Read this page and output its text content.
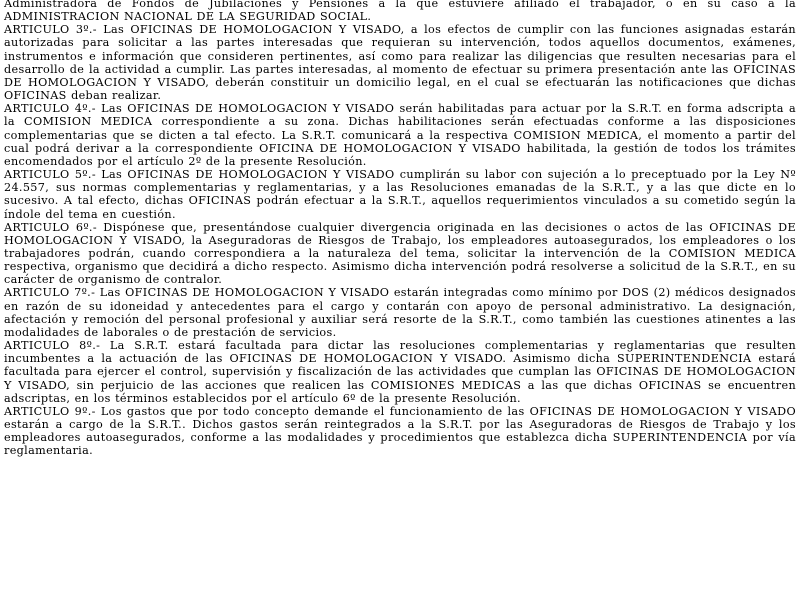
Administradora de Fondos de Jubilaciones y Pensiones a la que estuviere afiliado el trabajador, o en su caso a la ADMINISTRACION NACIONAL DE LA SEGURIDAD SOCIAL.

ARTICULO 3º.- Las OFICINAS DE HOMOLOGACION Y VISADO, a los efectos de cumplir con las funciones asignadas estarán autorizadas para solicitar a las partes interesadas que requieran su intervención, todos aquellos documentos, exámenes, instrumentos e información que consideren pertinentes, así como para realizar las diligencias que resulten necesarias para el desarrollo de la actividad a cumplir. Las partes interesadas, al momento de efectuar su primera presentación ante las OFICINAS DE HOMOLOGACION Y VISADO, deberán constituir un domicilio legal, en el cual se efectuarán las notificaciones que dichas OFICINAS deban realizar.

ARTICULO 4º.- Las OFICINAS DE HOMOLOGACION Y VISADO serán habilitadas para actuar por la S.R.T. en forma adscripta a la COMISION MEDICA correspondiente a su zona. Dichas habilitaciones serán efectuadas conforme a las disposiciones complementarias que se dicten a tal efecto. La S.R.T. comunicará a la respectiva COMISION MEDICA, el momento a partir del cual podrá derivar a la correspondiente OFICINA DE HOMOLOGACION Y VISADO habilitada, la gestión de todos los trámites encomendados por el artículo 2º de la presente Resolución.

ARTICULO 5º.- Las OFICINAS DE HOMOLOGACION Y VISADO cumplirán su labor con sujeción a lo preceptuado por la Ley Nº 24.557, sus normas complementarias y reglamentarias, y a las Resoluciones emanadas de la S.R.T., y a las que dicte en lo sucesivo. A tal efecto, dichas OFICINAS podrán efectuar a la S.R.T., aquellos requerimientos vinculados a su cometido según la índole del tema en cuestión.

ARTICULO 6º.- Dispónese que, presentándose cualquier divergencia originada en las decisiones o actos de las OFICINAS DE HOMOLOGACION Y VISADO, la Aseguradoras de Riesgos de Trabajo, los empleadores autoasegurados, los empleadores o los trabajadores podrán, cuando correspondiera a la naturaleza del tema, solicitar la intervención de la COMISION MEDICA respectiva, organismo que decidirá a dicho respecto. Asimismo dicha intervención podrá resolverse a solicitud de la S.R.T., en su carácter de organismo de contralor.

ARTICULO 7º.- Las OFICINAS DE HOMOLOGACION Y VISADO estarán integradas como mínimo por DOS (2) médicos designados en razón de su idoneidad y antecedentes para el cargo y contarán con apoyo de personal administrativo. La designación, afectación y remoción del personal profesional y auxiliar será resorte de la S.R.T., como también las cuestiones atinentes a las modalidades de laborales o de prestación de servicios.

ARTICULO 8º.- La S.R.T. estará facultada para dictar las resoluciones complementarias y reglamentarias que resulten incumbentes a la actuación de las OFICINAS DE HOMOLOGACION Y VISADO. Asimismo dicha SUPERINTENDENCIA estará facultada para ejercer el control, supervisión y fiscalización de las actividades que cumplan las OFICINAS DE HOMOLOGACION Y VISADO, sin perjuicio de las acciones que realicen las COMISIONES MEDICAS a las que dichas OFICINAS se encuentren adscriptas, en los términos establecidos por el artículo 6º de la presente Resolución.

ARTICULO 9º.- Los gastos que por todo concepto demande el funcionamiento de las OFICINAS DE HOMOLOGACION Y VISADO estarán a cargo de la S.R.T.. Dichos gastos serán reintegrados a la S.R.T. por las Aseguradoras de Riesgos de Trabajo y los empleadores autoasegurados, conforme a las modalidades y procedimientos que establezca dicha SUPERINTENDENCIA por vía reglamentaria.
